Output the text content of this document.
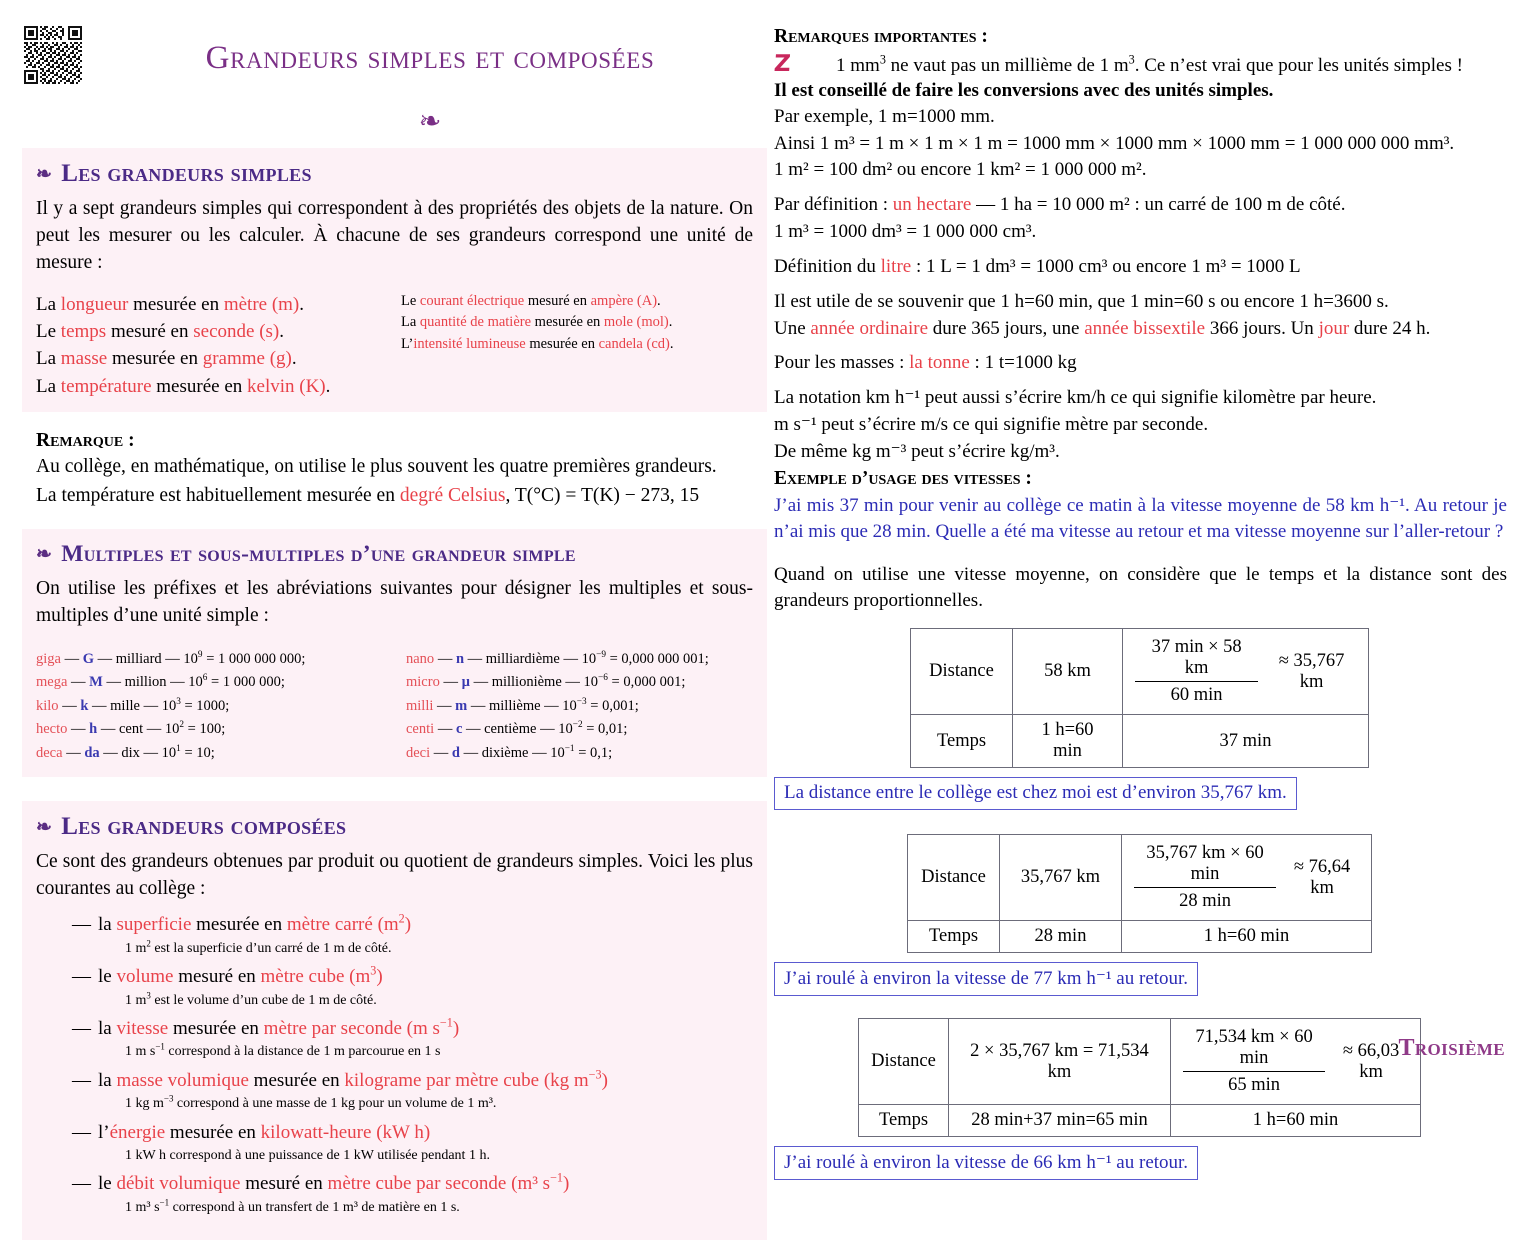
Grandeurs simples et composées
❧
❧ Les grandeurs simples
Il y a sept grandeurs simples qui correspondent à des propriétés des objets de la nature. On peut les mesurer ou les calculer. À chacune de ses grandeurs correspond une unité de mesure :
La longueur mesurée en mètre (m).
Le temps mesuré en seconde (s).
La masse mesurée en gramme (g).
La température mesurée en kelvin (K).
Le courant électrique mesuré en ampère (A).
La quantité de matière mesurée en mole (mol).
L’intensité lumineuse mesurée en candela (cd).
Remarque :
Au collège, en mathématique, on utilise le plus souvent les quatre premières grandeurs.
La température est habituellement mesurée en degré Celsius, T(°C) = T(K) − 273, 15
❧ Multiples et sous-multiples d’une grandeur simple
On utilise les préfixes et les abréviations suivantes pour désigner les multiples et sous-multiples d’une unité simple :
giga — G — milliard — $10^9 = 1$ 000 000 000;
mega — M — million — $10^6 = 1$ 000 000;
kilo — k — mille — $10^3 = 1000$;
hecto — h — cent — $10^2 = 100$;
deca — da — dix — $10^1 = 10$;
nano — n — milliardième — $10^{-9} = 0,000$ 000 001;
micro — µ — millionième — $10^{-6} = 0,000$ 001;
milli — m — millième — $10^{-3} = 0,001$;
centi — c — centième — $10^{-2} = 0,01$;
deci — d — dixième — $10^{-1} = 0,1$;
❧ Les grandeurs composées
Ce sont des grandeurs obtenues par produit ou quotient de grandeurs simples. Voici les plus courantes au collège :
— la superficie mesurée en mètre carré $(m^2)$
1 $m^2$ est la superficie d’un carré de 1 m de côté.
— le volume mesuré en mètre cube $(m^3)$
1 $m^3$ est le volume d’un cube de 1 m de côté.
— la vitesse mesurée en mètre par seconde (m $s^{-1}$)
1 m $s^{-1}$ correspond à la distance de 1 m parcourue en 1 s
— la masse volumique mesurée en kilograme par mètre cube (kg $m^{-3}$)
1 kg $m^{-3}$ correspond à une masse de 1 kg pour un volume de 1 m³.
— l’énergie mesurée en kilowatt-heure (kW h)
1 kW h correspond à une puissance de 1 kW utilisée pendant 1 h.
— le débit volumique mesuré en mètre cube par seconde (m³ $s^{-1}$)
1 m³ $s^{-1}$ correspond à un transfert de 1 m³ de matière en 1 s.
Remarques importantes :
Z	1 $mm^3$ ne vaut pas un millième de 1 $m^3$. Ce n’est vrai que pour les unités simples !
Il est conseillé de faire les conversions avec des unités simples.
Par exemple, 1 m=1000 mm.
Ainsi 1 m³ = 1 m × 1 m × 1 m = 1000 mm × 1000 mm × 1000 mm = 1 000 000 000 mm³.
1 m² = 100 dm² ou encore 1 km² = 1 000 000 m².
Par définition : un hectare — 1 ha = 10 000 m² : un carré de 100 m de côté.
1 m³ = 1000 dm³ = 1 000 000 cm³.
Définition du litre : 1 L = 1 dm³ = 1000 cm³ ou encore 1 m³ = 1000 L
Il est utile de se souvenir que 1 h=60 min, que 1 min=60 s ou encore 1 h=3600 s.
Une année ordinaire dure 365 jours, une année bissextile 366 jours. Un jour dure 24 h.
Pour les masses : la tonne : 1 t=1000 kg
La notation km h⁻¹ peut aussi s’écrire km/h ce qui signifie kilomètre par heure.
m s⁻¹ peut s’écrire m/s ce qui signifie mètre par seconde.
De même kg m⁻³ peut s’écrire kg/m³.
Exemple d’usage des vitesses :
J’ai mis 37 min pour venir au collège ce matin à la vitesse moyenne de 58 km h⁻¹. Au retour je n’ai mis que 28 min. Quelle a été ma vitesse au retour et ma vitesse moyenne sur l’aller-retour ?
Quand on utilise une vitesse moyenne, on considère que le temps et la distance sont des grandeurs proportionnelles.
Distance	58 km	$\frac{37 \min \times 58 km}{60 \min} \approx 35,767$ km

Temps	1 h=60 min	37 min
La distance entre le collège est chez moi est d’environ 35,767 km.
Distance	35,767 km	$\frac{35,767 km \times 60 \min}{28 \min} \approx 76,64$ km

Temps	28 min	1 h=60 min
J’ai roulé à environ la vitesse de 77 km h⁻¹ au retour.
Distance	2 × 35,767 km = 71,534 km	$\frac{71,534 km \times 60 \min}{65 \min} \approx 66,03$ km

Temps	28 min+37 min=65 min	1 h=60 min
J’ai roulé à environ la vitesse de 66 km h⁻¹ au retour.
Troisième
